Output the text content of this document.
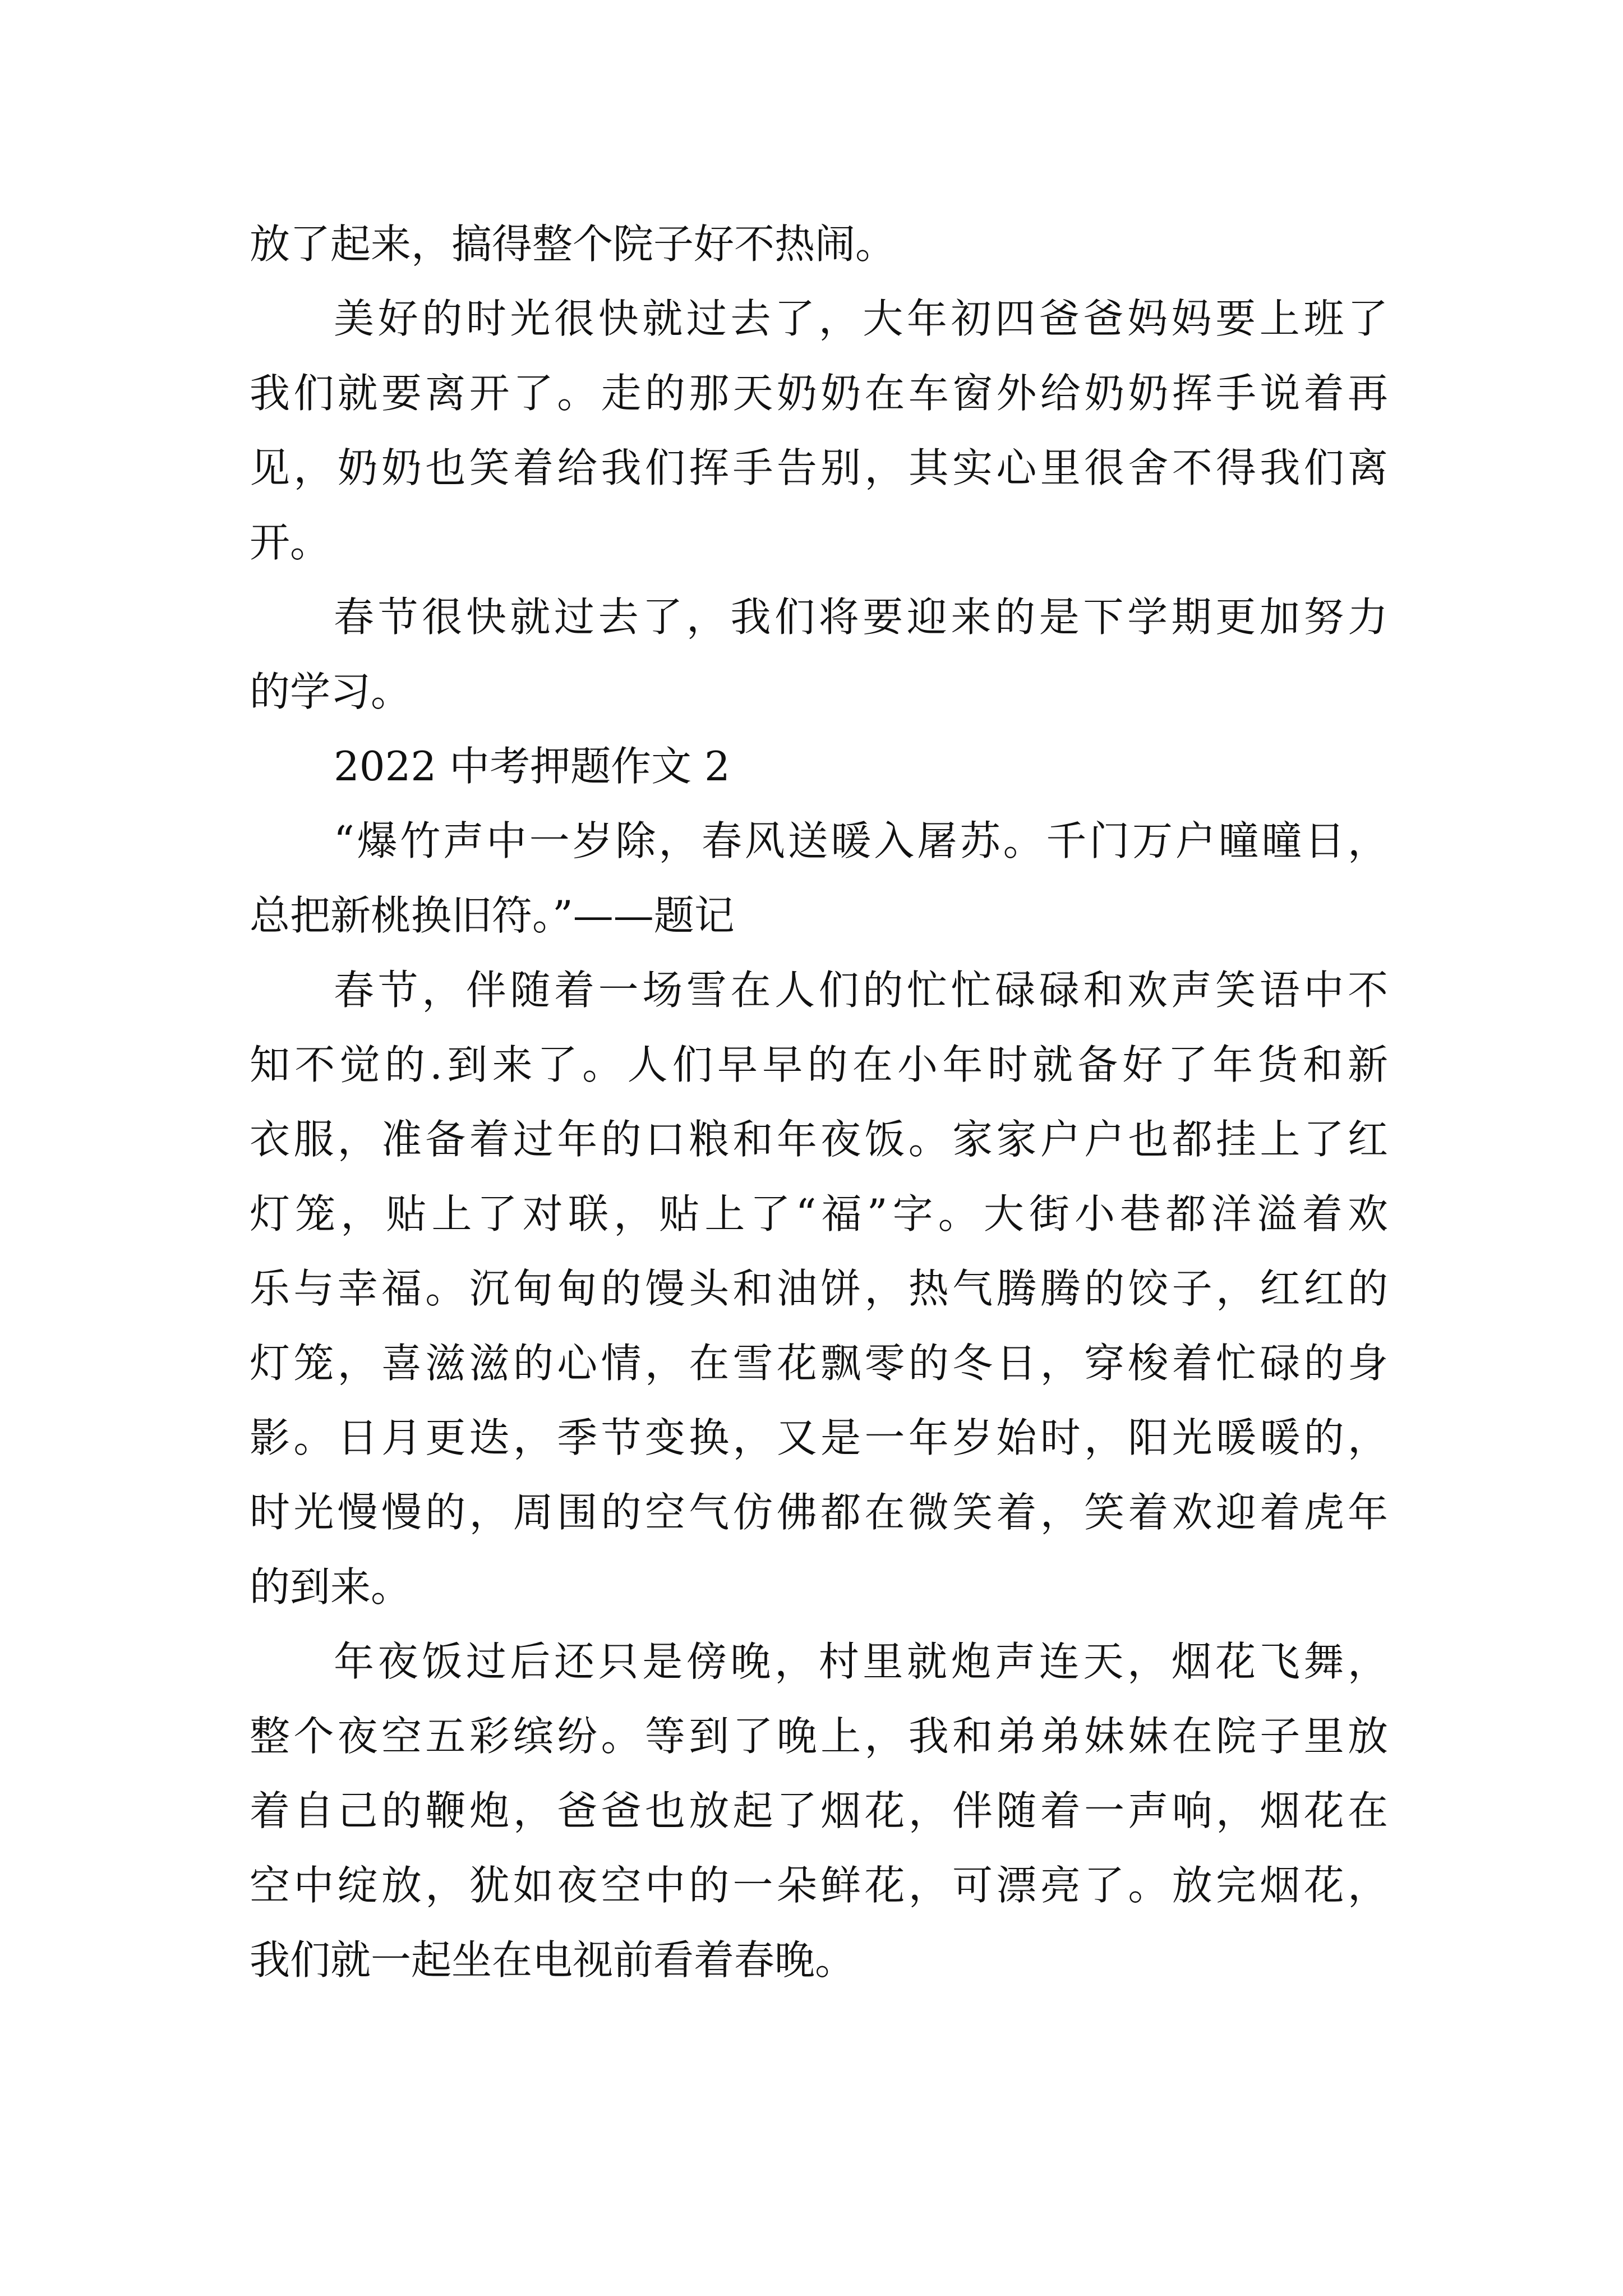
放了起来，搞得整个院子好不热闹。

美好的时光很快就过去了，大年初四爸爸妈妈要上班了

我们就要离开了。走的那天奶奶在车窗外给奶奶挥手说着再

见，奶奶也笑着给我们挥手告别，其实心里很舍不得我们离

开。

春节很快就过去了，我们将要迎来的是下学期更加努力

的学习。

2022 中考押题作文 2

“爆竹声中一岁除，春风送暖入屠苏。千门万户曈曈日，

总把新桃换旧符。”——题记

春节，伴随着一场雪在人们的忙忙碌碌和欢声笑语中不

知不觉的.到来了。人们早早的在小年时就备好了年货和新

衣服，准备着过年的口粮和年夜饭。家家户户也都挂上了红

灯笼，贴上了对联，贴上了“福”字。大街小巷都洋溢着欢

乐与幸福。沉甸甸的馒头和油饼，热气腾腾的饺子，红红的

灯笼，喜滋滋的心情，在雪花飘零的冬日，穿梭着忙碌的身

影。日月更迭，季节变换，又是一年岁始时，阳光暖暖的，

时光慢慢的，周围的空气仿佛都在微笑着，笑着欢迎着虎年

的到来。

年夜饭过后还只是傍晚，村里就炮声连天，烟花飞舞，

整个夜空五彩缤纷。等到了晚上，我和弟弟妹妹在院子里放

着自己的鞭炮，爸爸也放起了烟花，伴随着一声响，烟花在

空中绽放，犹如夜空中的一朵鲜花，可漂亮了。放完烟花，

我们就一起坐在电视前看着春晚。
